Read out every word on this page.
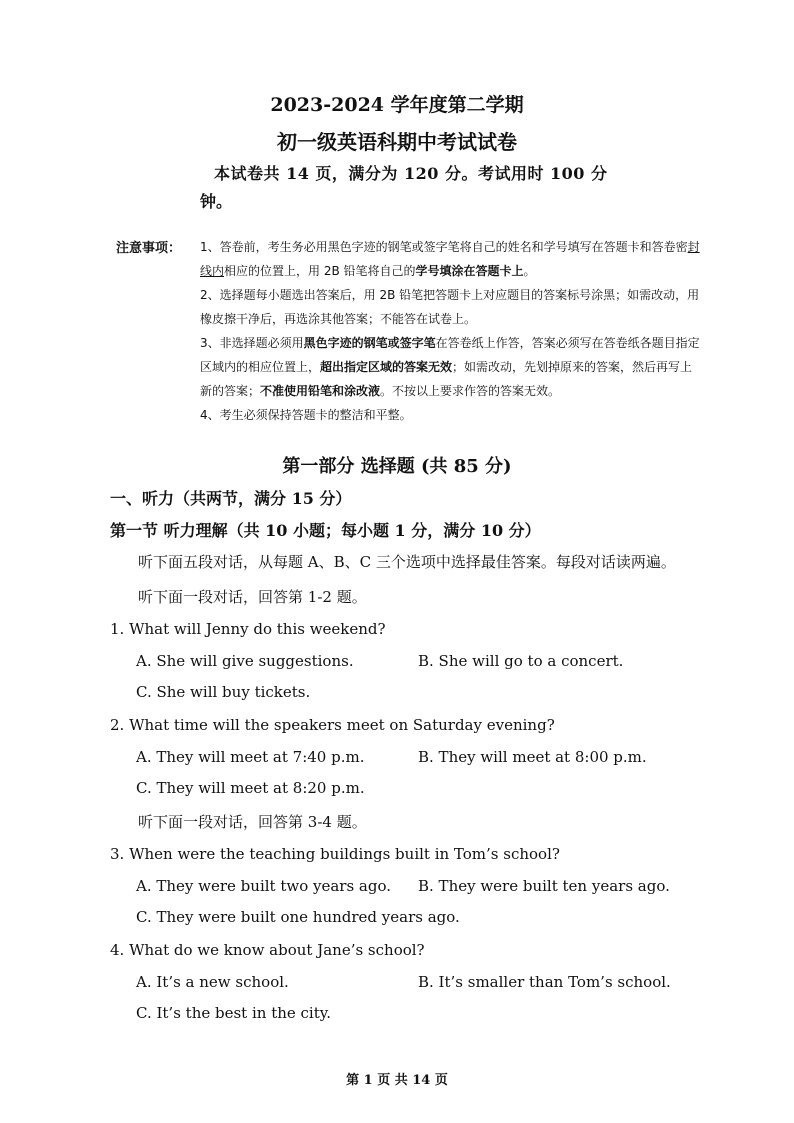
2023-2024 学年度第二学期
初一级英语科期中考试试卷
本试卷共 14 页，满分为 120 分。考试用时 100 分
钟。
注意事项： 1、答卷前，考生务必用黑色字迹的钢笔或签字笔将自己的姓名和学号填写在答题卡和答卷密封线内相应的位置上，用 2B 铅笔将自己的学号填涂在答题卡上。

2、选择题每小题选出答案后，用 2B 铅笔把答题卡上对应题目的答案标号涂黑；如需改动，用橡皮擦干净后，再选涂其他答案；不能答在试卷上。

3、非选择题必须用黑色字迹的钢笔或签字笔在答卷纸上作答，答案必须写在答卷纸各题目指定区域内的相应位置上，超出指定区域的答案无效；如需改动，先划掉原来的答案，然后再写上新的答案；不准使用铅笔和涂改液。不按以上要求作答的答案无效。

4、考生必须保持答题卡的整洁和平整。

第一部分 选择题 (共 85 分)
一、听力（共两节，满分 15 分）
第一节 听力理解（共 10 小题；每小题 1 分，满分 10 分）
听下面五段对话，从每题 A、B、C 三个选项中选择最佳答案。每段对话读两遍。
听下面一段对话，回答第 1-2 题。
1. What will Jenny do this weekend?
A. She will give suggestions.	B. She will go to a concert.
C. She will buy tickets.
2. What time will the speakers meet on Saturday evening?
A. They will meet at 7:40 p.m.	B. They will meet at 8:00 p.m.
C. They will meet at 8:20 p.m.
听下面一段对话，回答第 3-4 题。
3. When were the teaching buildings built in Tom’s school?
A. They were built two years ago. B. They were built ten years ago.
C. They were built one hundred years ago.
4. What do we know about Jane’s school?
A. It’s a new school.	B. It’s smaller than Tom’s school.
C. It’s the best in the city.
第 1 页 共 14 页
